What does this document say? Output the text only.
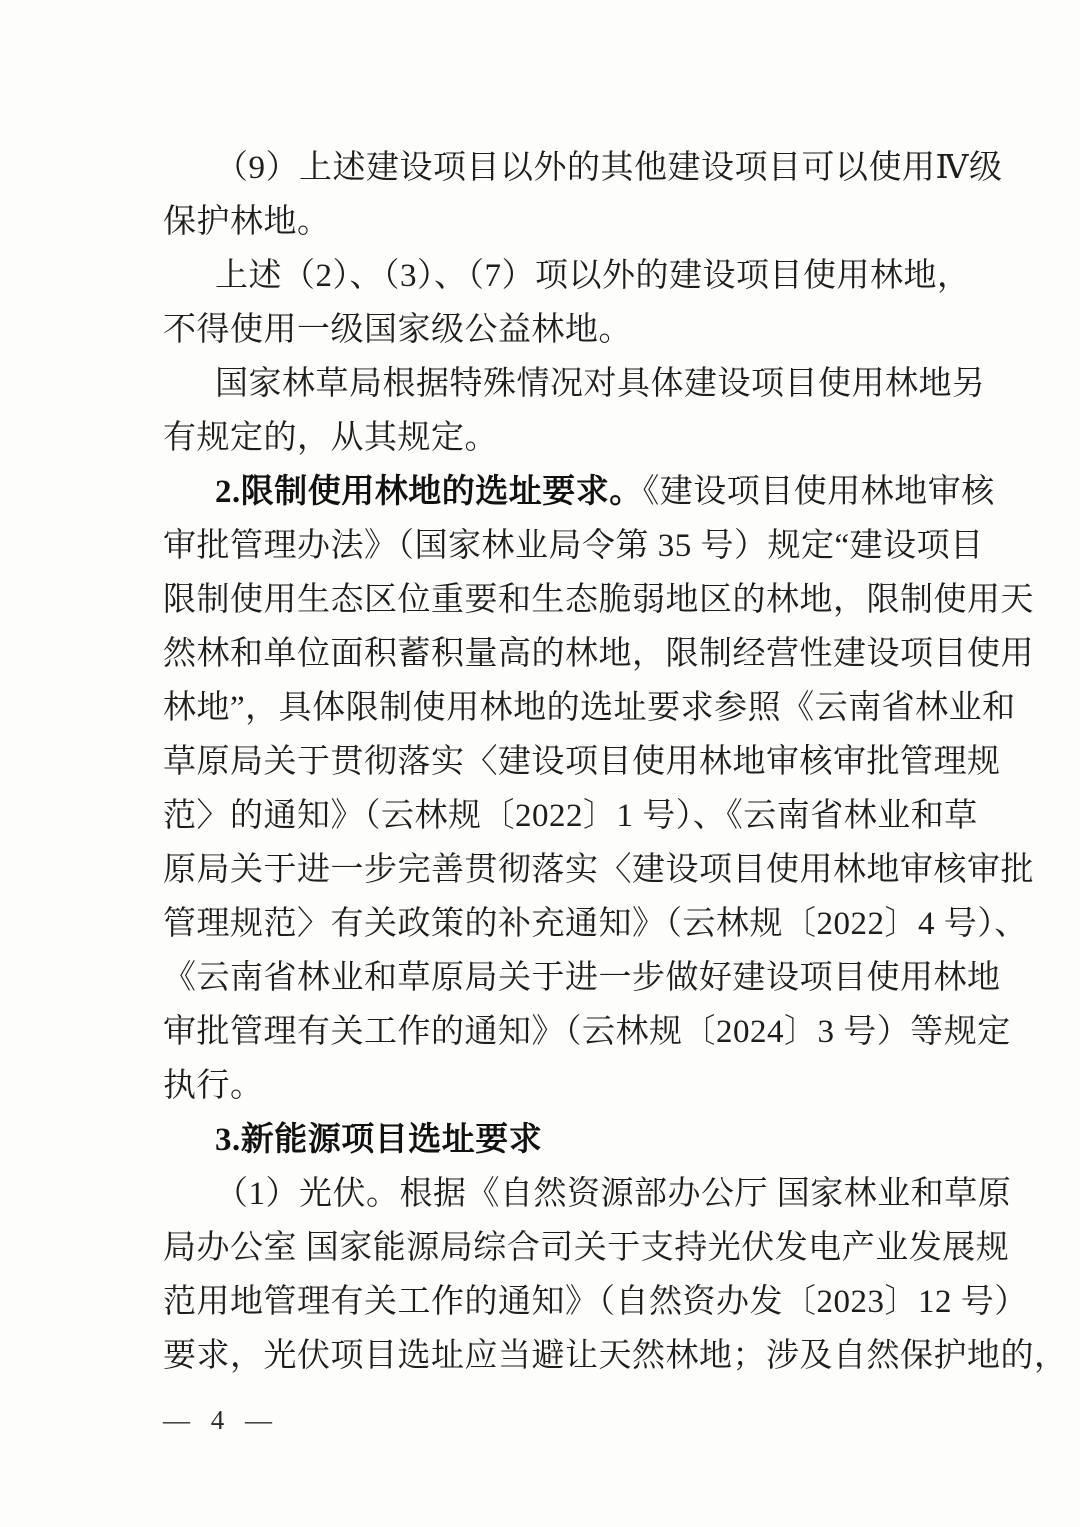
（9）上述建设项目以外的其他建设项目可以使用Ⅳ级
保护林地。
上述（2）、（3）、（7）项以外的建设项目使用林地，
不得使用一级国家级公益林地。
国家林草局根据特殊情况对具体建设项目使用林地另
有规定的，从其规定。
2.限制使用林地的选址要求。《建设项目使用林地审核
审批管理办法》（国家林业局令第 35 号）规定“建设项目
限制使用生态区位重要和生态脆弱地区的林地，限制使用天
然林和单位面积蓄积量高的林地，限制经营性建设项目使用
林地”，具体限制使用林地的选址要求参照《云南省林业和
草原局关于贯彻落实〈建设项目使用林地审核审批管理规
范〉的通知》（云林规〔2022〕1 号）、《云南省林业和草
原局关于进一步完善贯彻落实〈建设项目使用林地审核审批
管理规范〉有关政策的补充通知》（云林规〔2022〕4 号）、
《云南省林业和草原局关于进一步做好建设项目使用林地
审批管理有关工作的通知》（云林规〔2024〕3 号）等规定
执行。
3.新能源项目选址要求
（1）光伏。根据《自然资源部办公厅 国家林业和草原
局办公室 国家能源局综合司关于支持光伏发电产业发展规
范用地管理有关工作的通知》（自然资办发〔2023〕12 号）
要求，光伏项目选址应当避让天然林地；涉及自然保护地的，
— 4 —
